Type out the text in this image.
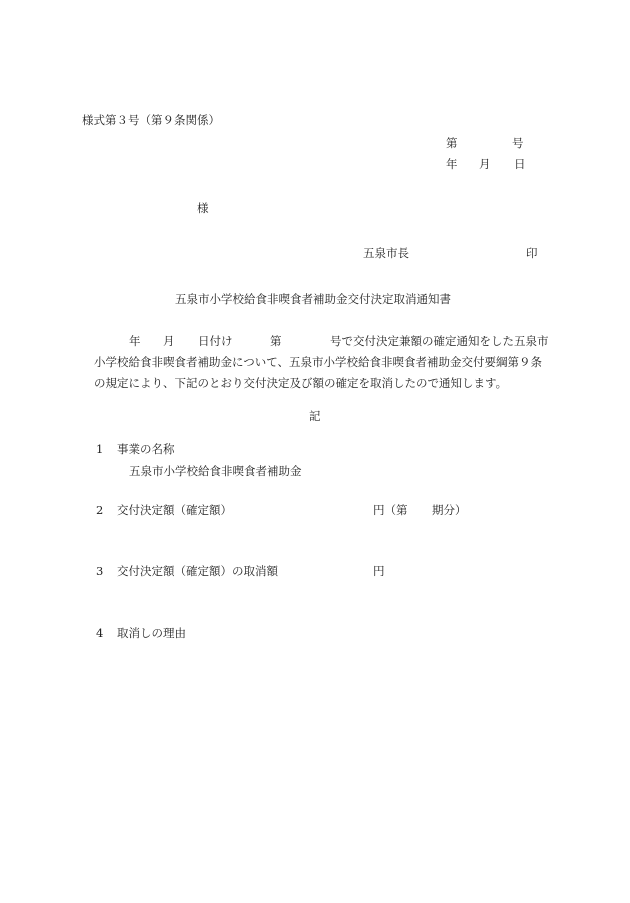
様式第３号（第９条関係）
第	号
年 月 日
様
五泉市長	印
五泉市小学校給食非喫食者補助金交付決定取消通知書
年 月 日付け	第	号で交付決定兼額の確定通知をした五泉市
小学校給食非喫食者補助金について、五泉市小学校給食非喫食者補助金交付要綱第９条
の規定により、下記のとおり交付決定及び額の確定を取消したので通知します。
記
1 事業の名称
五泉市小学校給食非喫食者補助金
2 交付決定額（確定額）	円（第 期分）
3 交付決定額（確定額）の取消額	円
4 取消しの理由
